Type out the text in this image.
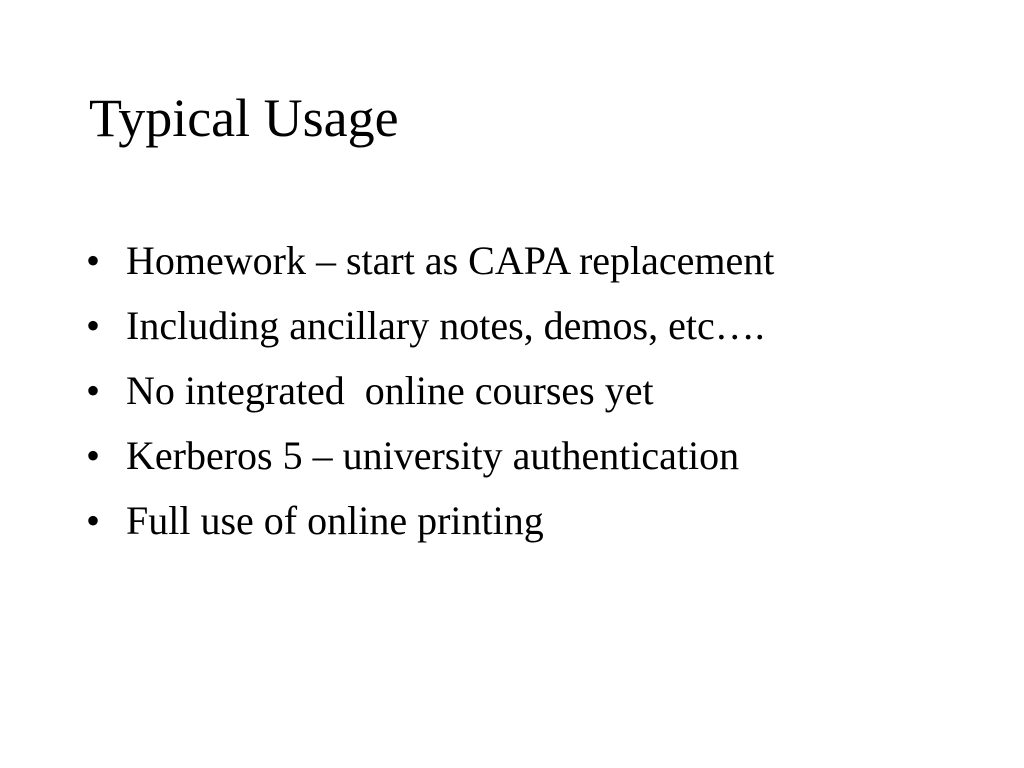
Typical Usage
• Homework – start as CAPA replacement
• Including ancillary notes, demos, etc….
• No integrated  online courses yet
• Kerberos 5 – university authentication
• Full use of online printing
